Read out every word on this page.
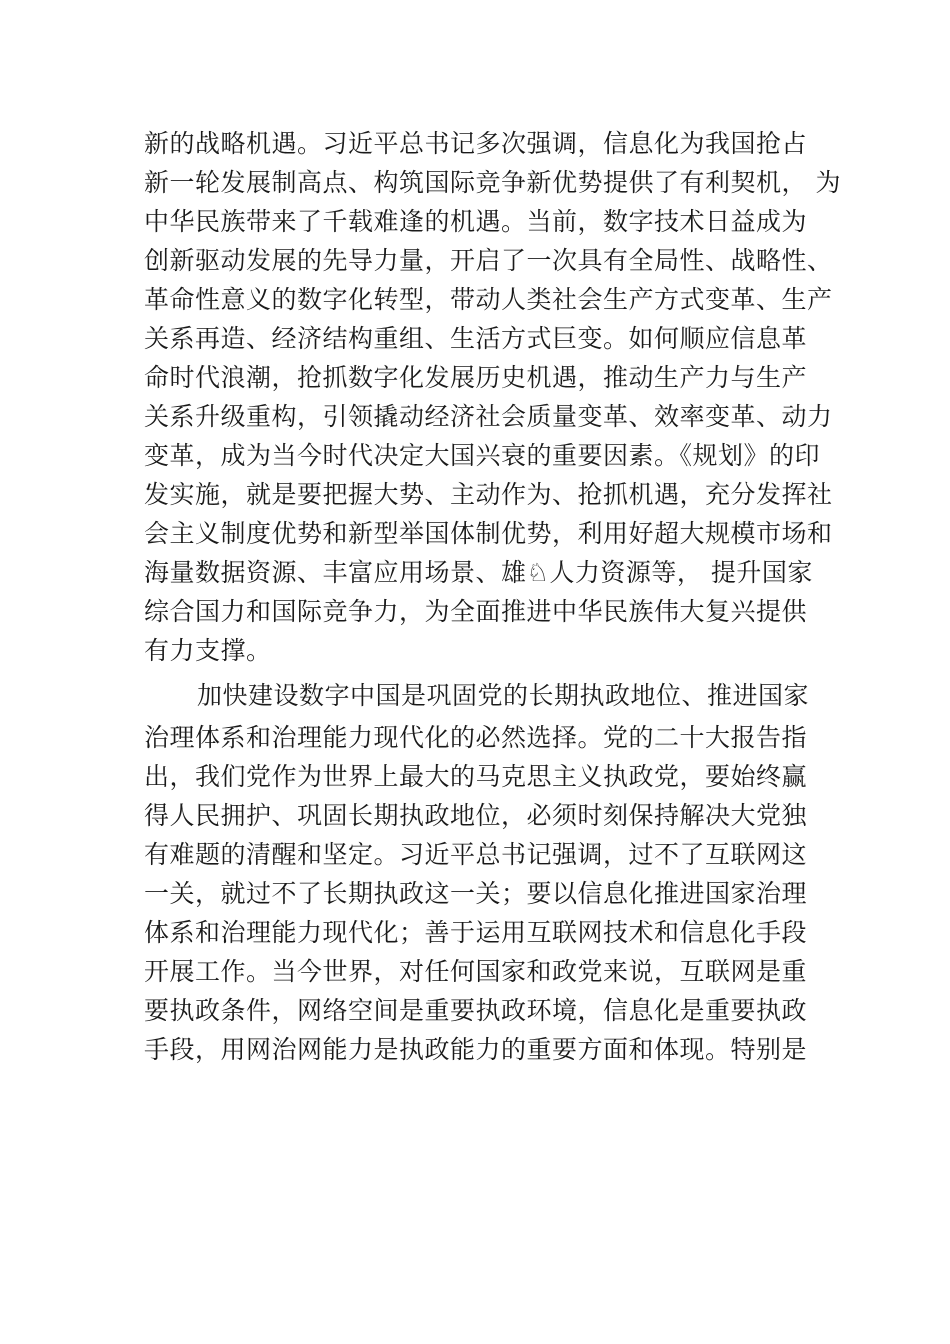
新的战略机遇。习近平总书记多次强调，信息化为我国抢占

新一轮发展制高点、构筑国际竞争新优势提供了有利契机， 为

中华民族带来了千载难逢的机遇。当前，数字技术日益成为

创新驱动发展的先导力量，开启了一次具有全局性、战略性、

革命性意义的数字化转型，带动人类社会生产方式变革、生产

关系再造、经济结构重组、生活方式巨变。如何顺应信息革

命时代浪潮，抢抓数字化发展历史机遇，推动生产力与生产

关系升级重构，引领撬动经济社会质量变革、效率变革、动力

变革，成为当今时代决定大国兴衰的重要因素。《规划》的印

发实施，就是要把握大势、主动作为、抢抓机遇，充分发挥社

会主义制度优势和新型举国体制优势，利用好超大规模市场和

海量数据资源、丰富应用场景、雄♘人力资源等， 提升国家

综合国力和国际竞争力，为全面推进中华民族伟大复兴提供

有力支撑。

加快建设数字中国是巩固党的长期执政地位、推进国家

治理体系和治理能力现代化的必然选择。党的二十大报告指

出，我们党作为世界上最大的马克思主义执政党，要始终赢

得人民拥护、巩固长期执政地位，必须时刻保持解决大党独

有难题的清醒和坚定。习近平总书记强调，过不了互联网这

一关，就过不了长期执政这一关；要以信息化推进国家治理

体系和治理能力现代化；善于运用互联网技术和信息化手段

开展工作。当今世界，对任何国家和政党来说，互联网是重

要执政条件，网络空间是重要执政环境，信息化是重要执政

手段，用网治网能力是执政能力的重要方面和体现。特别是
